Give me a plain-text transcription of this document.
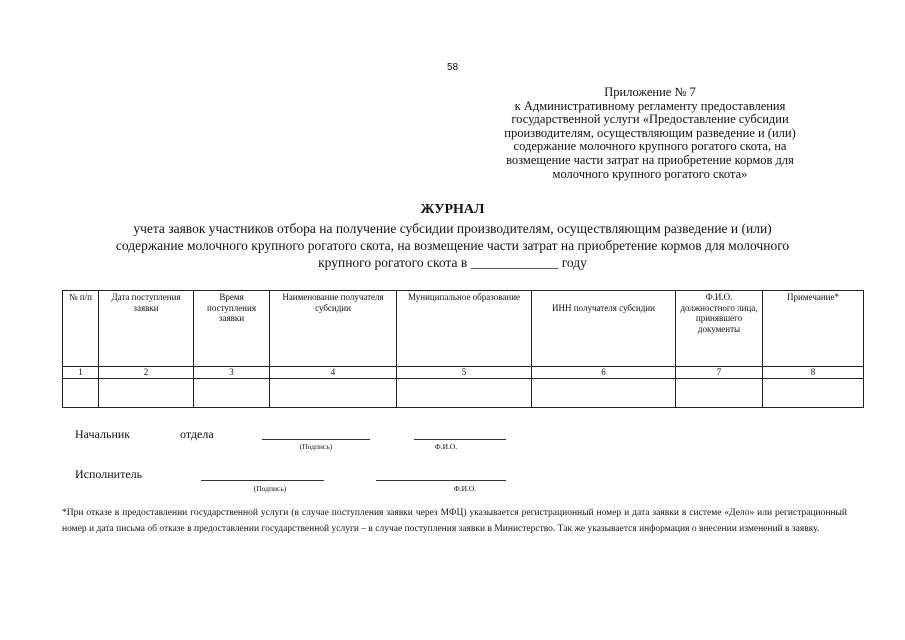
58
Приложение № 7
к Административному регламенту предоставления
государственной услуги «Предоставление субсидии
производителям, осуществляющим разведение и (или)
содержание молочного крупного рогатого скота, на
возмещение части затрат на приобретение кормов для
молочного крупного рогатого скота»
ЖУРНАЛ
учета заявок участников отбора на получение субсидии производителям, осуществляющим разведение и (или)
содержание молочного крупного рогатого скота, на возмещение части затрат на приобретение кормов для молочного
крупного рогатого скота в _____________ году
№ п/п	Дата поступления заявки	Время поступления заявки	Наименование получателя субсидии	Муниципальное образование	ИНН получателя субсидии	Ф.И.О. должностного лица, принявшего документы	Примечание*
1	2	3	4	5	6	7	8

Начальник	отдела
(Подпись)	Ф.И.О.
Исполнитель
(Подпись)	Ф.И.О.
*При отказе в предоставлении государственной услуги (в случае поступления заявки через МФЦ) указывается регистрационный номер и дата заявки в системе «Дело» или регистрационный номер и дата письма об отказе в предоставлении государственной услуги – в случае поступления заявки в Министерство. Так же указывается информация о внесении изменений в заявку.
